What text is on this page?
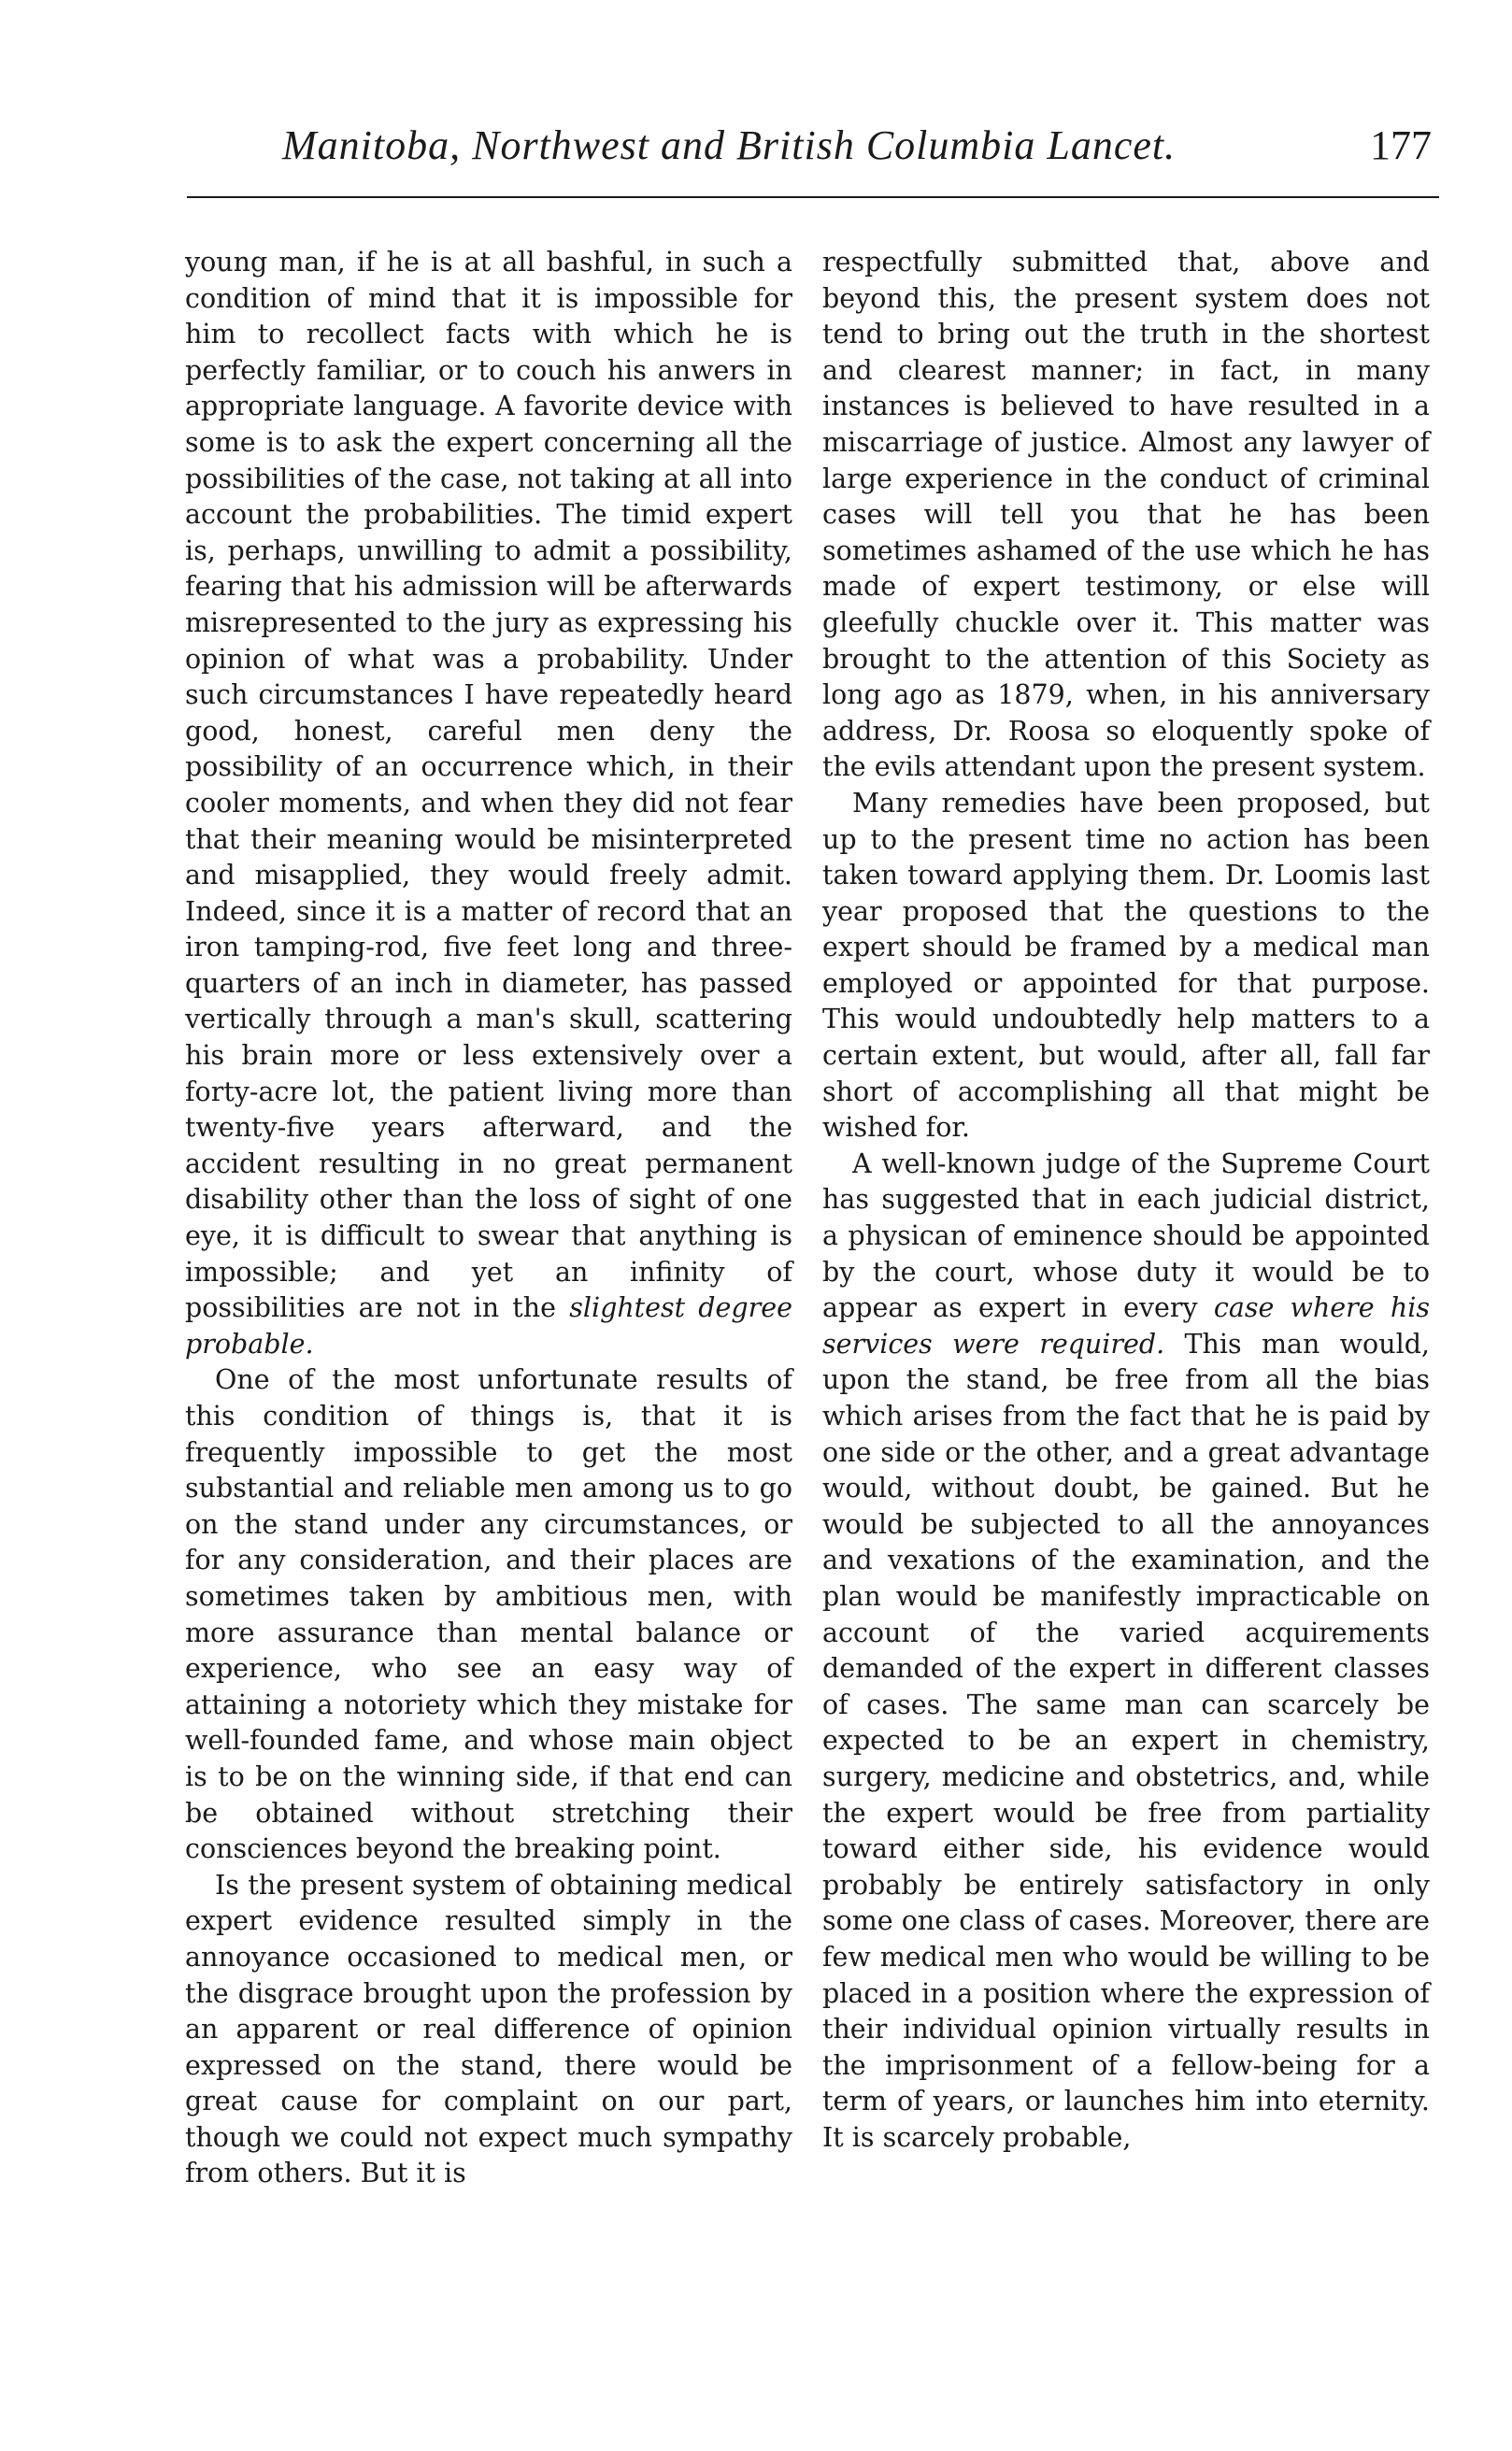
Manitoba, Northwest and British Columbia Lancet.	177

young man, if he is at all bashful, in such a condition of mind that it is impossible for him to recollect facts with which he is perfectly familiar, or to couch his anwers in appropriate language. A favorite device with some is to ask the expert concerning all the possibilities of the case, not taking at all into account the probabilities. The timid expert is, perhaps, unwilling to admit a possibility, fearing that his admission will be afterwards misrepresented to the jury as expressing his opinion of what was a probability. Under such circumstances I have repeatedly heard good, honest, careful men deny the possibility of an occurrence which, in their cooler moments, and when they did not fear that their meaning would be misinterpreted and misapplied, they would freely admit. Indeed, since it is a matter of record that an iron tamping-rod, five feet long and three-quarters of an inch in diameter, has passed vertically through a man's skull, scattering his brain more or less extensively over a forty-acre lot, the patient living more than twenty-five years afterward, and the accident resulting in no great permanent disability other than the loss of sight of one eye, it is difficult to swear that anything is impossible; and yet an infinity of possibilities are not in the slightest degree probable.

One of the most unfortunate results of this condition of things is, that it is frequently impossible to get the most substantial and reliable men among us to go on the stand under any circumstances, or for any consideration, and their places are sometimes taken by ambitious men, with more assurance than mental balance or experience, who see an easy way of attaining a notoriety which they mistake for well-founded fame, and whose main object is to be on the winning side, if that end can be obtained without stretching their consciences beyond the breaking point.

Is the present system of obtaining medical expert evidence resulted simply in the annoyance occasioned to medical men, or the disgrace brought upon the profession by an apparent or real difference of opinion expressed on the stand, there would be great cause for complaint on our part, though we could not expect much sympathy from others. But it is

respectfully submitted that, above and beyond this, the present system does not tend to bring out the truth in the shortest and clearest manner; in fact, in many instances is believed to have resulted in a miscarriage of justice. Almost any lawyer of large experience in the conduct of criminal cases will tell you that he has been sometimes ashamed of the use which he has made of expert testimony, or else will gleefully chuckle over it. This matter was brought to the attention of this Society as long ago as 1879, when, in his anniversary address, Dr. Roosa so eloquently spoke of the evils attendant upon the present system.

Many remedies have been proposed, but up to the present time no action has been taken toward applying them. Dr. Loomis last year proposed that the questions to the expert should be framed by a medical man employed or appointed for that purpose. This would undoubtedly help matters to a certain extent, but would, after all, fall far short of accomplishing all that might be wished for.

A well-known judge of the Supreme Court has suggested that in each judicial district, a physican of eminence should be appointed by the court, whose duty it would be to appear as expert in every case where his services were required. This man would, upon the stand, be free from all the bias which arises from the fact that he is paid by one side or the other, and a great advantage would, without doubt, be gained. But he would be subjected to all the annoyances and vexations of the examination, and the plan would be manifestly impracticable on account of the varied acquirements demanded of the expert in different classes of cases. The same man can scarcely be expected to be an expert in chemistry, surgery, medicine and obstetrics, and, while the expert would be free from partiality toward either side, his evidence would probably be entirely satisfactory in only some one class of cases. Moreover, there are few medical men who would be willing to be placed in a position where the expression of their individual opinion virtually results in the imprisonment of a fellow-being for a term of years, or launches him into eternity. It is scarcely probable,
